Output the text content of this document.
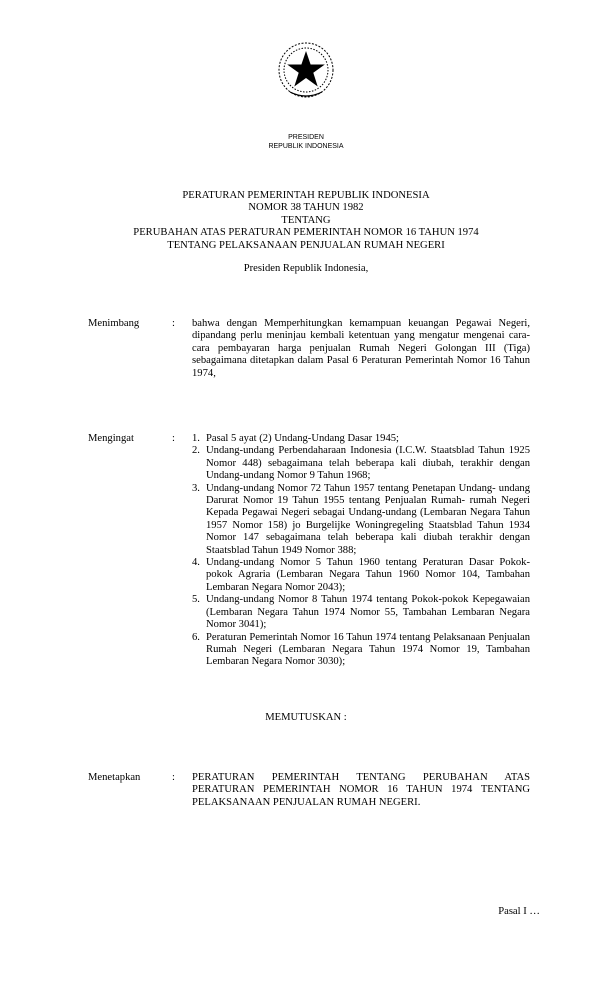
PRESIDEN
REPUBLIK INDONESIA
PERATURAN PEMERINTAH REPUBLIK INDONESIA
NOMOR 38 TAHUN 1982
TENTANG
PERUBAHAN ATAS PERATURAN PEMERINTAH NOMOR 16 TAHUN 1974
TENTANG PELAKSANAAN PENJUALAN RUMAH NEGERI
Presiden Republik Indonesia,
Menimbang	: bahwa dengan Memperhitungkan kemampuan keuangan Pegawai Negeri, dipandang perlu meninjau kembali ketentuan yang mengatur mengenai cara-cara pembayaran harga penjualan Rumah Negeri Golongan III (Tiga) sebagaimana ditetapkan dalam Pasal 6 Peraturan Pemerintah Nomor 16 Tahun 1974,
Mengingat	: 1. Pasal 5 ayat (2) Undang-Undang Dasar 1945;
2. Undang-undang Perbendaharaan Indonesia (I.C.W. Staatsblad Tahun 1925 Nomor 448) sebagaimana telah beberapa kali diubah, terakhir dengan Undang-undang Nomor 9 Tahun 1968;
3. Undang-undang Nomor 72 Tahun 1957 tentang Penetapan Undang- undang Darurat Nomor 19 Tahun 1955 tentang Penjualan Rumah- rumah Negeri Kepada Pegawai Negeri sebagai Undang-undang (Lembaran Negara Tahun 1957 Nomor 158) jo Burgelijke Woningregeling Staatsblad Tahun 1934 Nomor 147 sebagaimana telah beberapa kali diubah terakhir dengan Staatsblad Tahun 1949 Nomor 388;
4. Undang-undang Nomor 5 Tahun 1960 tentang Peraturan Dasar Pokok-pokok Agraria (Lembaran Negara Tahun 1960 Nomor 104, Tambahan Lembaran Negara Nomor 2043);
5. Undang-undang Nomor 8 Tahun 1974 tentang Pokok-pokok Kepegawaian (Lembaran Negara Tahun 1974 Nomor 55, Tambahan Lembaran Negara Nomor 3041);
6. Peraturan Pemerintah Nomor 16 Tahun 1974 tentang Pelaksanaan Penjualan Rumah Negeri (Lembaran Negara Tahun 1974 Nomor 19, Tambahan Lembaran Negara Nomor 3030);
MEMUTUSKAN :
Menetapkan	: PERATURAN PEMERINTAH TENTANG PERUBAHAN ATAS PERATURAN PEMERINTAH NOMOR 16 TAHUN 1974 TENTANG PELAKSANAAN PENJUALAN RUMAH NEGERI.
Pasal I …
